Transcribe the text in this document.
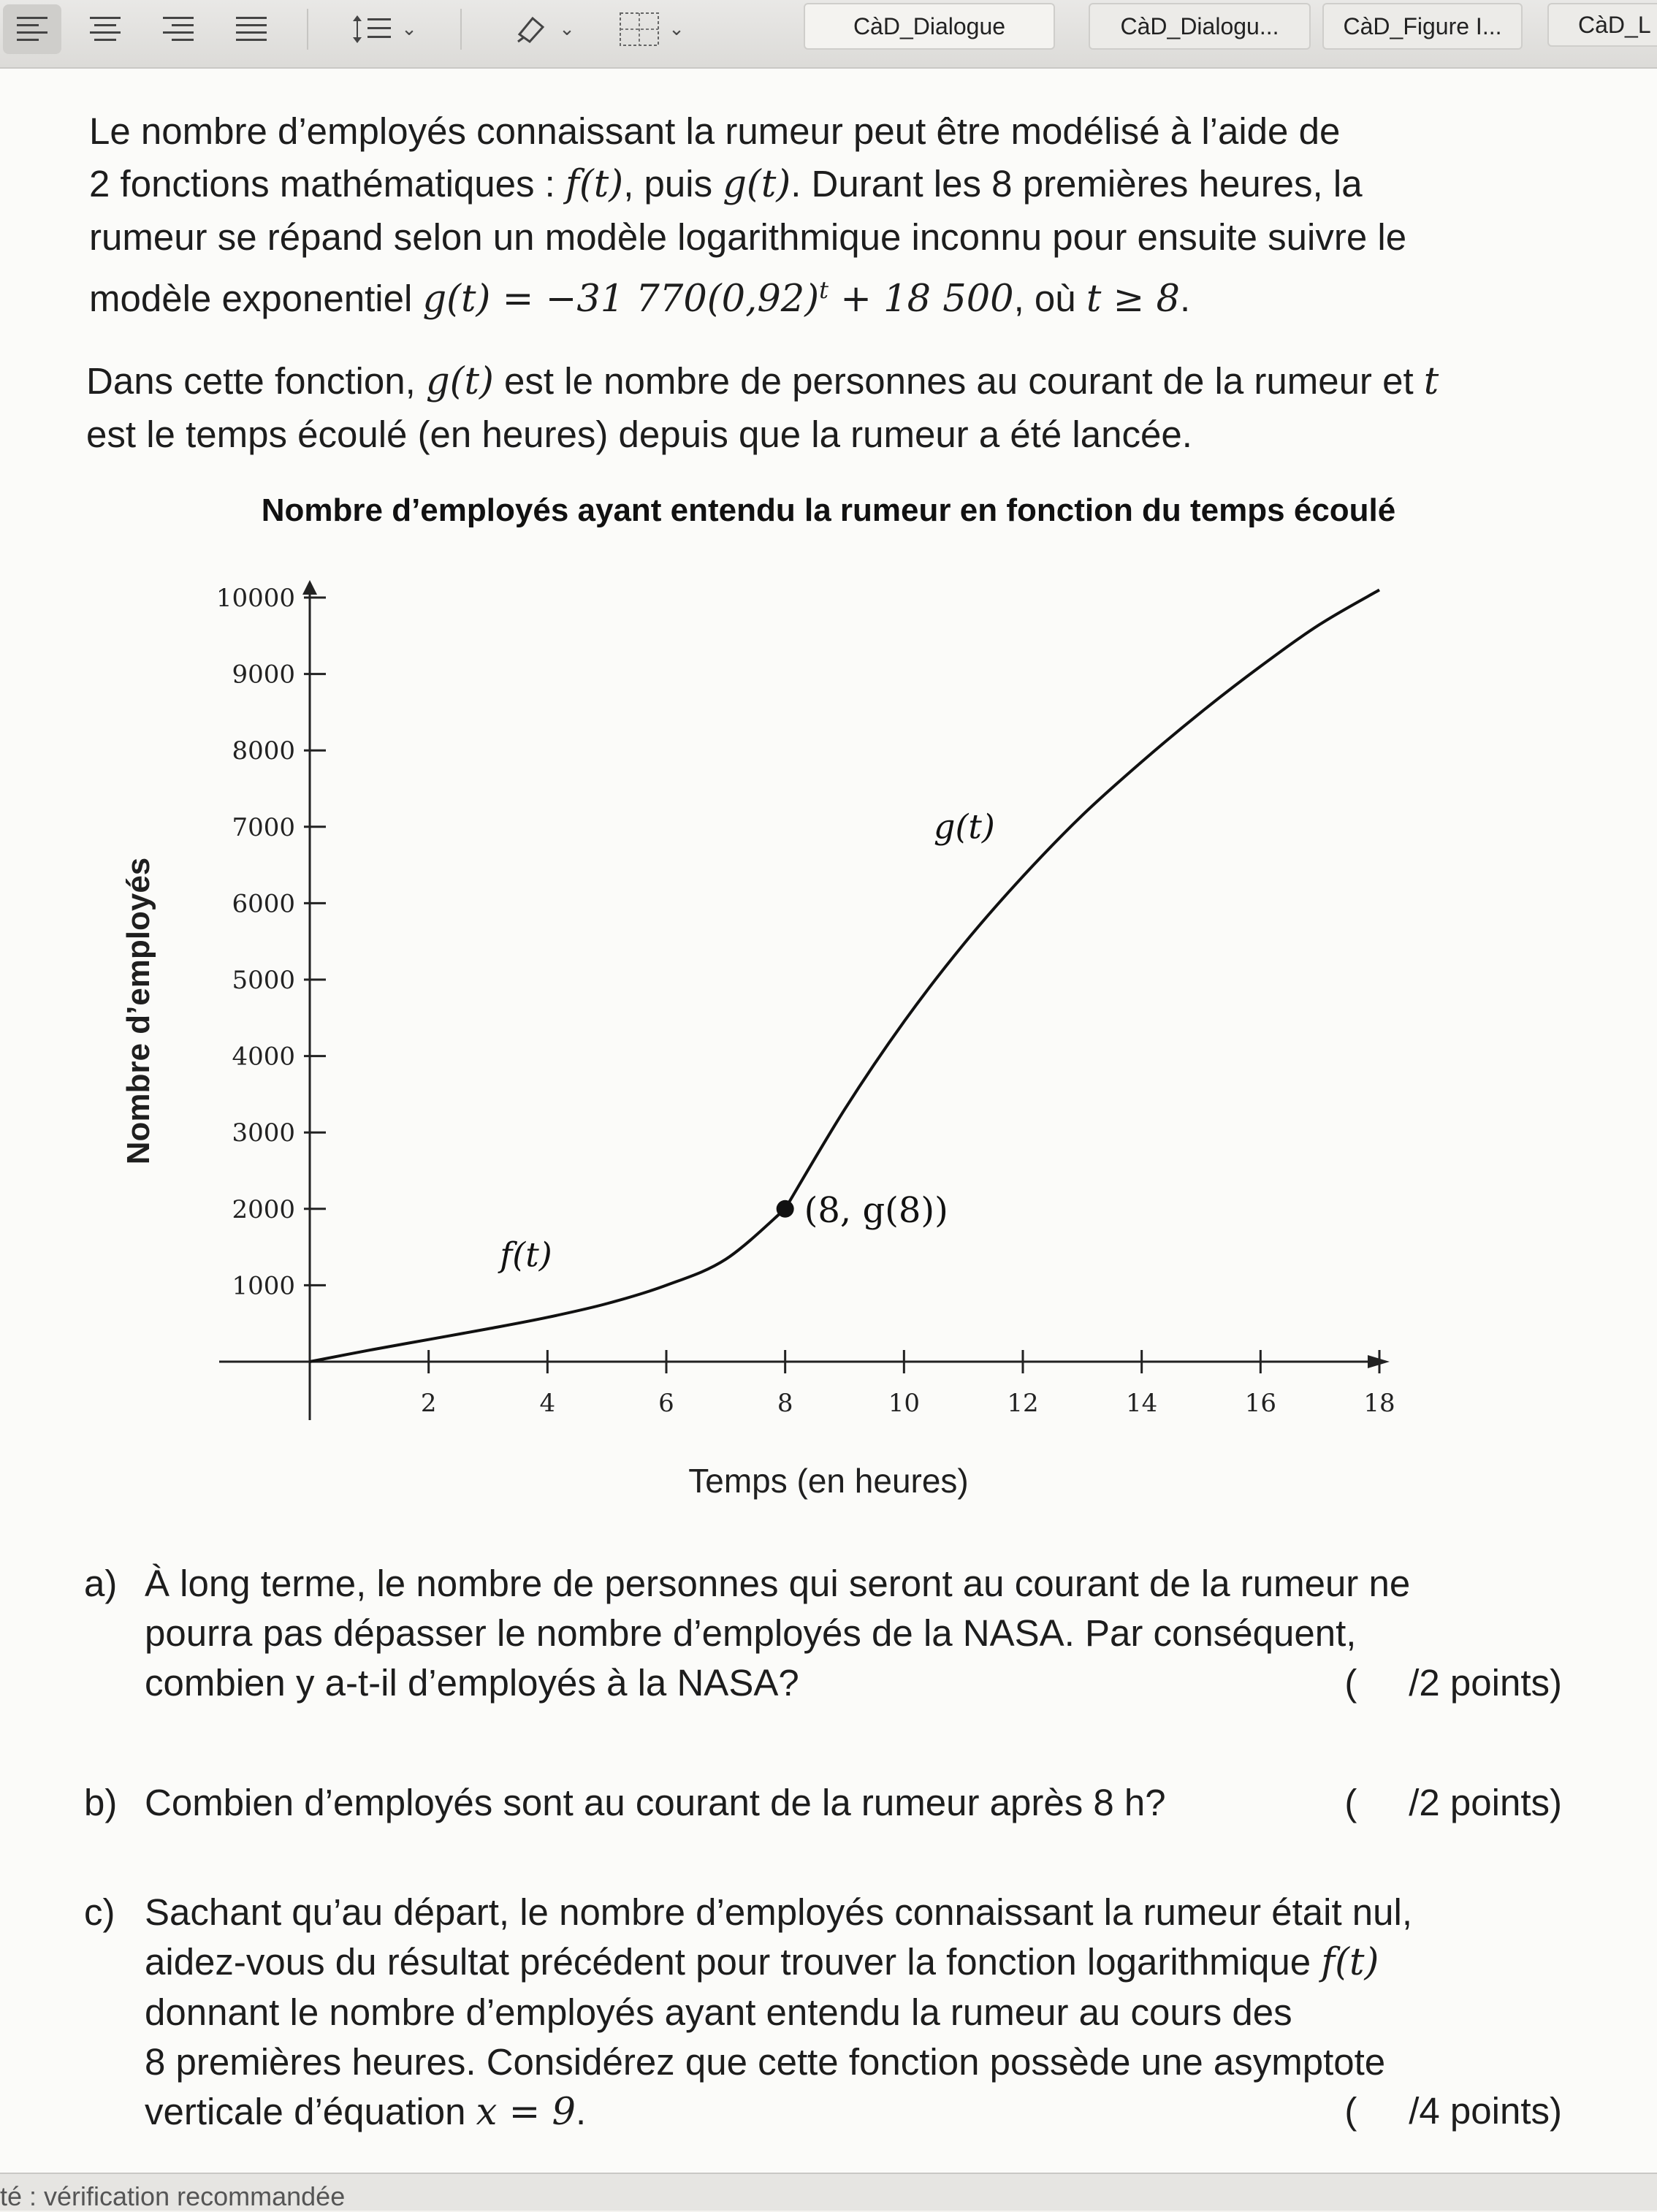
⌄	⌄	⌄	CàD_Dialogue	CàD_Dialogu...	CàD_Figure I...	CàD_L

Le nombre d’employés connaissant la rumeur peut être modélisé à l’aide de
2 fonctions mathématiques : f(t), puis g(t). Durant les 8 premières heures, la
rumeur se répand selon un modèle logarithmique inconnu pour ensuite suivre le
modèle exponentiel g(t) = −31 $770(0,92)^t + 18$ 500, où t ≥ 8.

Dans cette fonction, g(t) est le nombre de personnes au courant de la rumeur et t
est le temps écoulé (en heures) depuis que la rumeur a été lancée.

Nombre d’employés ayant entendu la rumeur en fonction du temps écoulé
Nombre d’employés
Temps (en heures)
1000
2000
3000
4000
5000
6000
7000
8000
9000
10000
2	4	6	8	10	12	14	16	18
f(t)
g(t)
(8, g(8))
a) À long terme, le nombre de personnes qui seront au courant de la rumeur ne
pourra pas dépasser le nombre d’employés de la NASA. Par conséquent,
combien y a-t-il d’employés à la NASA?	(     /2 points)
b) Combien d’employés sont au courant de la rumeur après 8 h?	(     /2 points)
c) Sachant qu’au départ, le nombre d’employés connaissant la rumeur était nul,
aidez-vous du résultat précédent pour trouver la fonction logarithmique f(t)
donnant le nombre d’employés ayant entendu la rumeur au cours des
8 premières heures. Considérez que cette fonction possède une asymptote
verticale d’équation x = 9.	(     /4 points)
té : vérification recommandée
